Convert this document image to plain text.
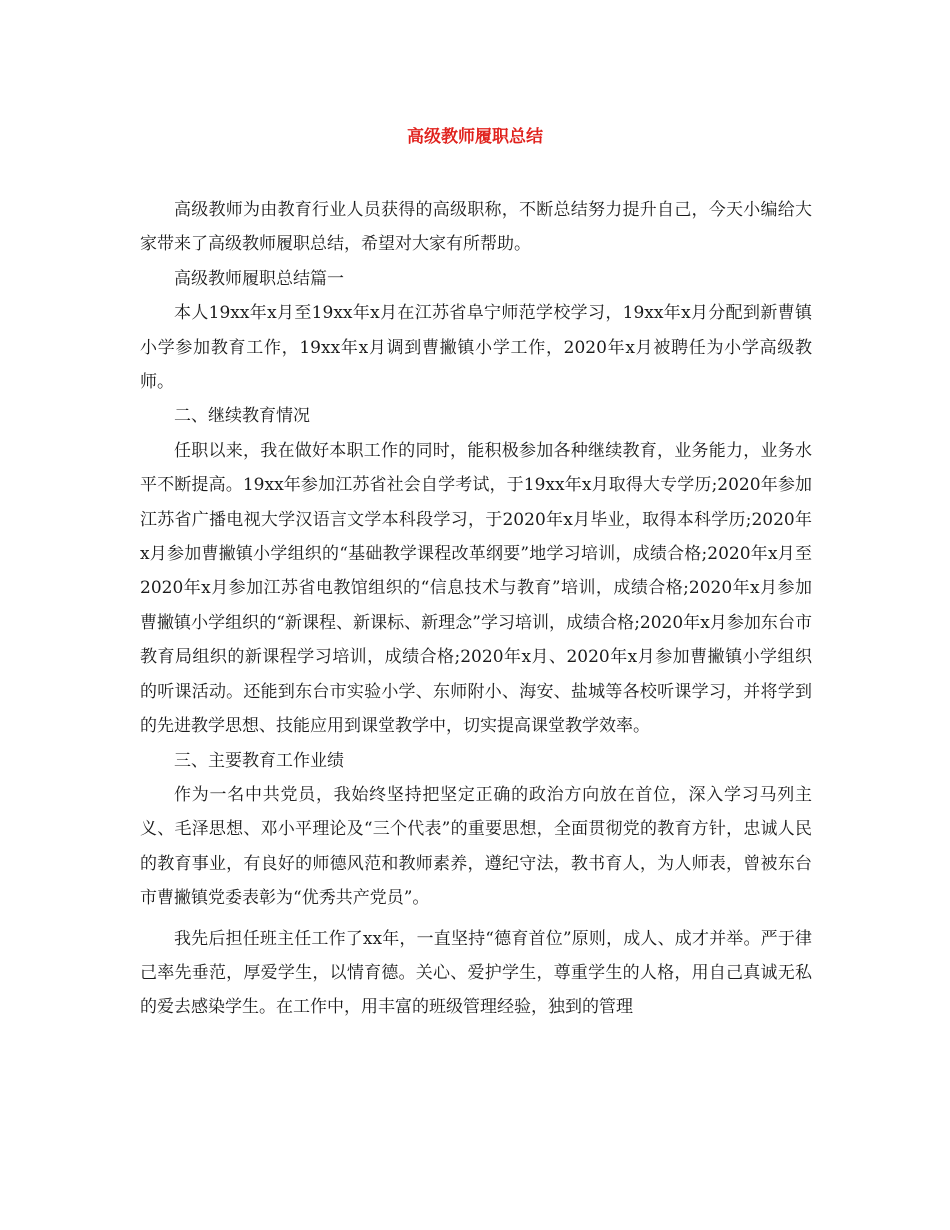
高级教师履职总结

高级教师为由教育行业人员获得的高级职称，不断总结努力提升自己，今天小编给大家带来了高级教师履职总结，希望对大家有所帮助。

高级教师履职总结篇一

本人19xx年x月至19xx年x月在江苏省阜宁师范学校学习，19xx年x月分配到新曹镇小学参加教育工作，19xx年x月调到曹撇镇小学工作，2020年x月被聘任为小学高级教师。

二、继续教育情况

任职以来，我在做好本职工作的同时，能积极参加各种继续教育，业务能力，业务水平不断提高。19xx年参加江苏省社会自学考试，于19xx年x月取得大专学历;2020年参加江苏省广播电视大学汉语言文学本科段学习，于2020年x月毕业，取得本科学历;2020年x月参加曹撇镇小学组织的“基础教学课程改革纲要”地学习培训，成绩合格;2020年x月至2020年x月参加江苏省电教馆组织的“信息技术与教育”培训，成绩合格;2020年x月参加曹撇镇小学组织的“新课程、新课标、新理念”学习培训，成绩合格;2020年x月参加东台市教育局组织的新课程学习培训，成绩合格;2020年x月、2020年x月参加曹撇镇小学组织的听课活动。还能到东台市实验小学、东师附小、海安、盐城等各校听课学习，并将学到的先进教学思想、技能应用到课堂教学中，切实提高课堂教学效率。

三、主要教育工作业绩

作为一名中共党员，我始终坚持把坚定正确的政治方向放在首位，深入学习马列主义、毛泽思想、邓小平理论及“三个代表”的重要思想，全面贯彻党的教育方针，忠诚人民的教育事业，有良好的师德风范和教师素养，遵纪守法，教书育人，为人师表，曾被东台市曹撇镇党委表彰为“优秀共产党员”。

我先后担任班主任工作了xx年，一直坚持“德育首位”原则，成人、成才并举。严于律己率先垂范，厚爱学生，以情育德。关心、爱护学生，尊重学生的人格，用自己真诚无私的爱去感染学生。在工作中，用丰富的班级管理经验，独到的管理
